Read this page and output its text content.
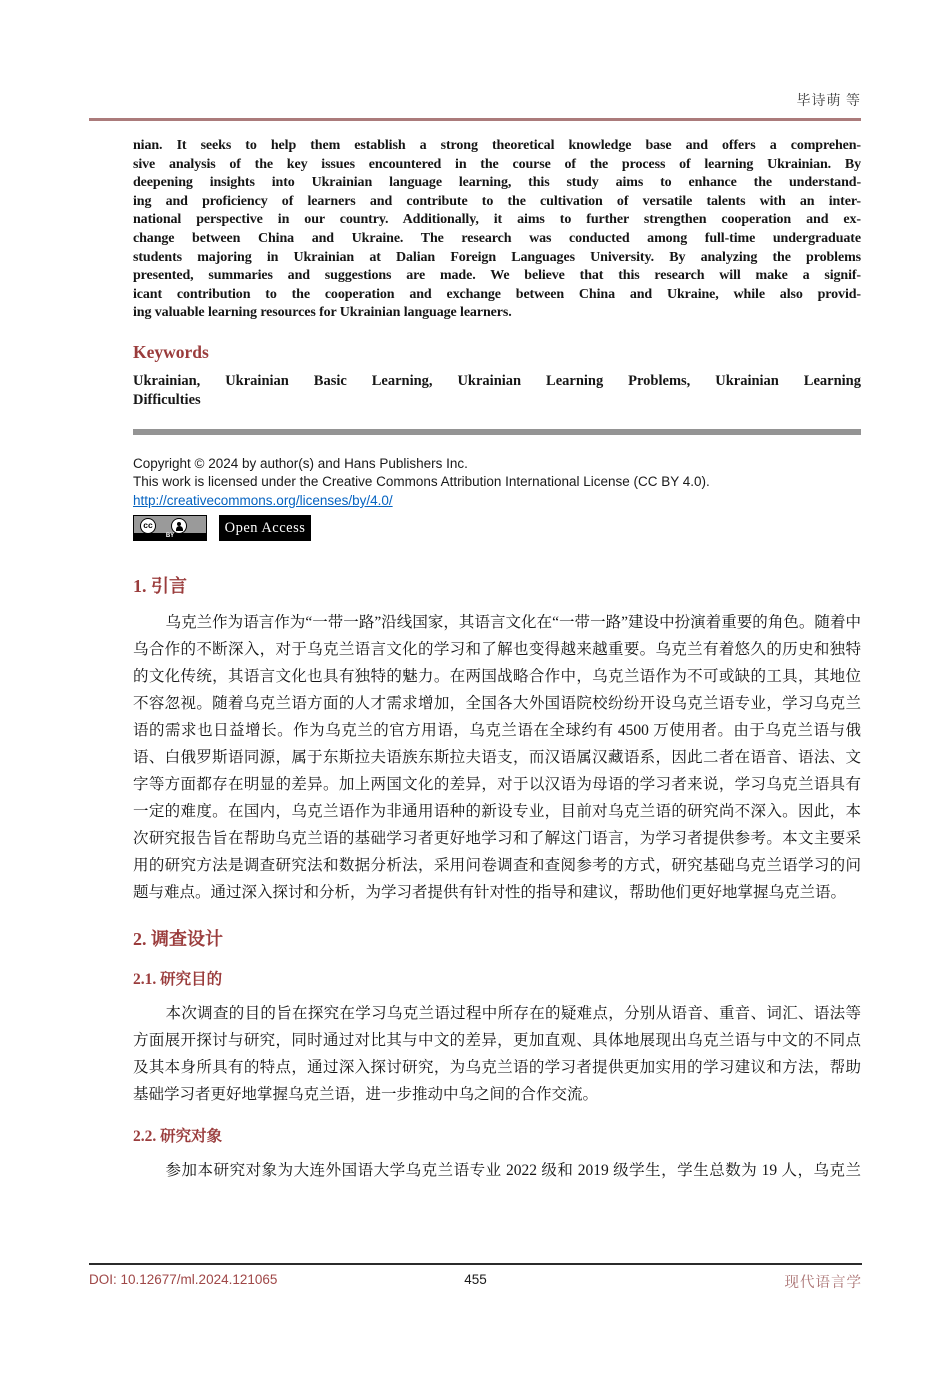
毕诗萌 等
nian. It seeks to help them establish a strong theoretical knowledge base and offers a comprehen-
sive analysis of the key issues encountered in the course of the process of learning Ukrainian. By
deepening insights into Ukrainian language learning, this study aims to enhance the understand-
ing and proficiency of learners and contribute to the cultivation of versatile talents with an inter-
national perspective in our country. Additionally, it aims to further strengthen cooperation and ex-
change between China and Ukraine. The research was conducted among full-time undergraduate
students majoring in Ukrainian at Dalian Foreign Languages University. By analyzing the problems
presented, summaries and suggestions are made. We believe that this research will make a signif-
icant contribution to the cooperation and exchange between China and Ukraine, while also provid-
ing valuable learning resources for Ukrainian language learners.
Keywords
Ukrainian, Ukrainian Basic Learning, Ukrainian Learning Problems, Ukrainian Learning
Difficulties
Copyright © 2024 by author(s) and Hans Publishers Inc.
This work is licensed under the Creative Commons Attribution International License (CC BY 4.0).
http://creativecommons.org/licenses/by/4.0/
cc
BY	Open Access
1. 引言
乌克兰作为语言作为“一带一路”沿线国家，其语言文化在“一带一路”建设中扮演着重要的角色。随着中乌合作的不断深入，对于乌克兰语言文化的学习和了解也变得越来越重要。乌克兰有着悠久的历史和独特的文化传统，其语言文化也具有独特的魅力。在两国战略合作中，乌克兰语作为不可或缺的工具，其地位不容忽视。随着乌克兰语方面的人才需求增加，全国各大外国语院校纷纷开设乌克兰语专业，学习乌克兰语的需求也日益增长。作为乌克兰的官方用语，乌克兰语在全球约有 4500 万使用者。由于乌克兰语与俄语、白俄罗斯语同源，属于东斯拉夫语族东斯拉夫语支，而汉语属汉藏语系，因此二者在语音、语法、文字等方面都存在明显的差异。加上两国文化的差异，对于以汉语为母语的学习者来说，学习乌克兰语具有一定的难度。在国内，乌克兰语作为非通用语种的新设专业，目前对乌克兰语的研究尚不深入。因此，本次研究报告旨在帮助乌克兰语的基础学习者更好地学习和了解这门语言，为学习者提供参考。本文主要采用的研究方法是调查研究法和数据分析法，采用问卷调查和查阅参考的方式，研究基础乌克兰语学习的问题与难点。通过深入探讨和分析，为学习者提供有针对性的指导和建议，帮助他们更好地掌握乌克兰语。
2. 调查设计
2.1. 研究目的
本次调查的目的旨在探究在学习乌克兰语过程中所存在的疑难点，分别从语音、重音、词汇、语法等方面展开探讨与研究，同时通过对比其与中文的差异，更加直观、具体地展现出乌克兰语与中文的不同点及其本身所具有的特点，通过深入探讨研究，为乌克兰语的学习者提供更加实用的学习建议和方法，帮助基础学习者更好地掌握乌克兰语，进一步推动中乌之间的合作交流。
2.2. 研究对象
参加本研究对象为大连外国语大学乌克兰语专业 2022 级和 2019 级学生，学生总数为 19 人，乌克兰
DOI: 10.12677/ml.2024.121065	455	现代语言学
